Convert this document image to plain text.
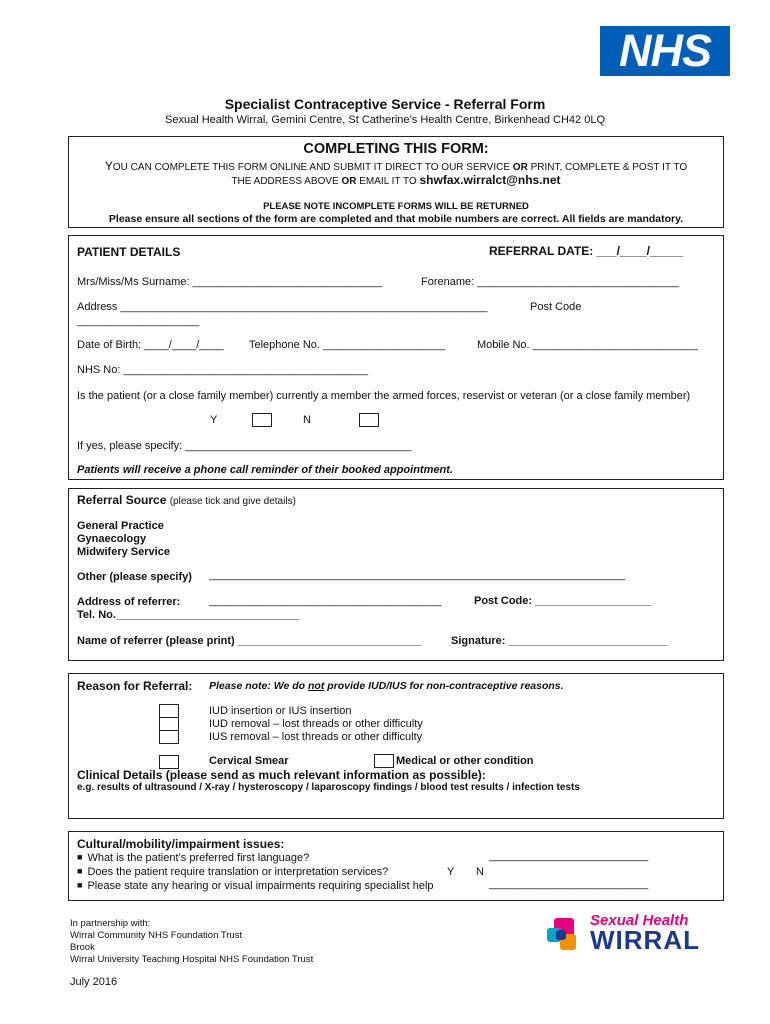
NHS
Specialist Contraceptive Service - Referral Form
Sexual Health Wirral, Gemini Centre, St Catherine’s Health Centre, Birkenhead CH42 0LQ
COMPLETING THIS FORM:
YOU CAN COMPLETE THIS FORM ONLINE AND SUBMIT IT DIRECT TO OUR SERVICE OR PRINT, COMPLETE & POST IT TO
THE ADDRESS ABOVE OR EMAIL IT TO shwfax.wirralct@nhs.net
PLEASE NOTE INCOMPLETE FORMS WILL BE RETURNED
Please ensure all sections of the form are completed and that mobile numbers are correct. All fields are mandatory.
PATIENT DETAILS	REFERRAL DATE: ___/____/_____
Mrs/Miss/Ms Surname: _______________________________	Forename: _________________________________
Address ____________________________________________________________	Post Code
____________________
Date of Birth: ____/____/____ Telephone No. ____________________	Mobile No. ___________________________
NHS No: ________________________________________
Is the patient (or a close family member) currently a member the armed forces, reservist or veteran (or a close family member)
Y	N
If yes, please specify: _____________________________________
Patients will receive a phone call reminder of their booked appointment.
Referral Source (please tick and give details)
General Practice
Gynaecology
Midwifery Service
Other (please specify) ____________________________________________________________________
Address of referrer:	______________________________________	Post Code: ___________________
Tel. No.______________________________
Name of referrer (please print) ______________________________	Signature: __________________________
Reason for Referral: Please note: We do not provide IUD/IUS for non-contraceptive reasons.
IUD insertion or IUS insertion
IUD removal – lost threads or other difficulty
IUS removal – lost threads or other difficulty
Cervical Smear	Medical or other condition
Clinical Details (please send as much relevant information as possible):
e.g. results of ultrasound / X-ray / hysteroscopy / laparoscopy findings / blood test results / infection tests
Cultural/mobility/impairment issues:
■ What is the patient’s preferred first language?	__________________________
■ Does the patient require translation or interpretation services?	Y N
■ Please state any hearing or visual impairments requiring specialist help	__________________________
In partnership with:
Wirral Community NHS Foundation Trust
Brook
Wirral University Teaching Hospital NHS Foundation Trust
July 2016
Sexual Health
WIRRAL
